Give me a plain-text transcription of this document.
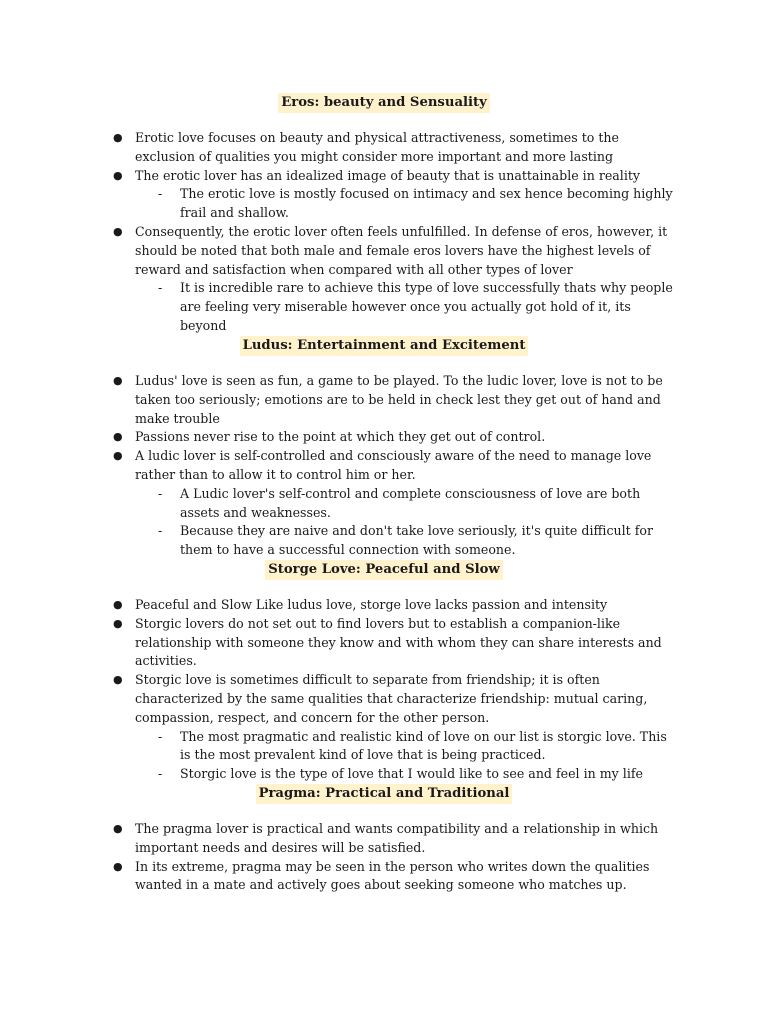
Eros: beauty and Sensuality
● Erotic love focuses on beauty and physical attractiveness, sometimes to the exclusion of qualities you might consider more important and more lasting
● The erotic lover has an idealized image of beauty that is unattainable in reality
- The erotic love is mostly focused on intimacy and sex hence becoming highly frail and shallow.
● Consequently, the erotic lover often feels unfulfilled. In defense of eros, however, it should be noted that both male and female eros lovers have the highest levels of reward and satisfaction when compared with all other types of lover
- It is incredible rare to achieve this type of love successfully thats why people are feeling very miserable however once you actually got hold of it, its beyond
Ludus: Entertainment and Excitement
● Ludus' love is seen as fun, a game to be played. To the ludic lover, love is not to be taken too seriously; emotions are to be held in check lest they get out of hand and make trouble
● Passions never rise to the point at which they get out of control.
● A ludic lover is self-controlled and consciously aware of the need to manage love rather than to allow it to control him or her.
- A Ludic lover's self-control and complete consciousness of love are both assets and weaknesses.
- Because they are naive and don't take love seriously, it's quite difficult for them to have a successful connection with someone.
Storge Love: Peaceful and Slow
● Peaceful and Slow Like ludus love, storge love lacks passion and intensity
● Storgic lovers do not set out to find lovers but to establish a companion-like relationship with someone they know and with whom they can share interests and activities.
● Storgic love is sometimes difficult to separate from friendship; it is often characterized by the same qualities that characterize friendship: mutual caring, compassion, respect, and concern for the other person.
- The most pragmatic and realistic kind of love on our list is storgic love. This is the most prevalent kind of love that is being practiced.
- Storgic love is the type of love that I would like to see and feel in my life
Pragma: Practical and Traditional
● The pragma lover is practical and wants compatibility and a relationship in which important needs and desires will be satisfied.
● In its extreme, pragma may be seen in the person who writes down the qualities wanted in a mate and actively goes about seeking someone who matches up.
